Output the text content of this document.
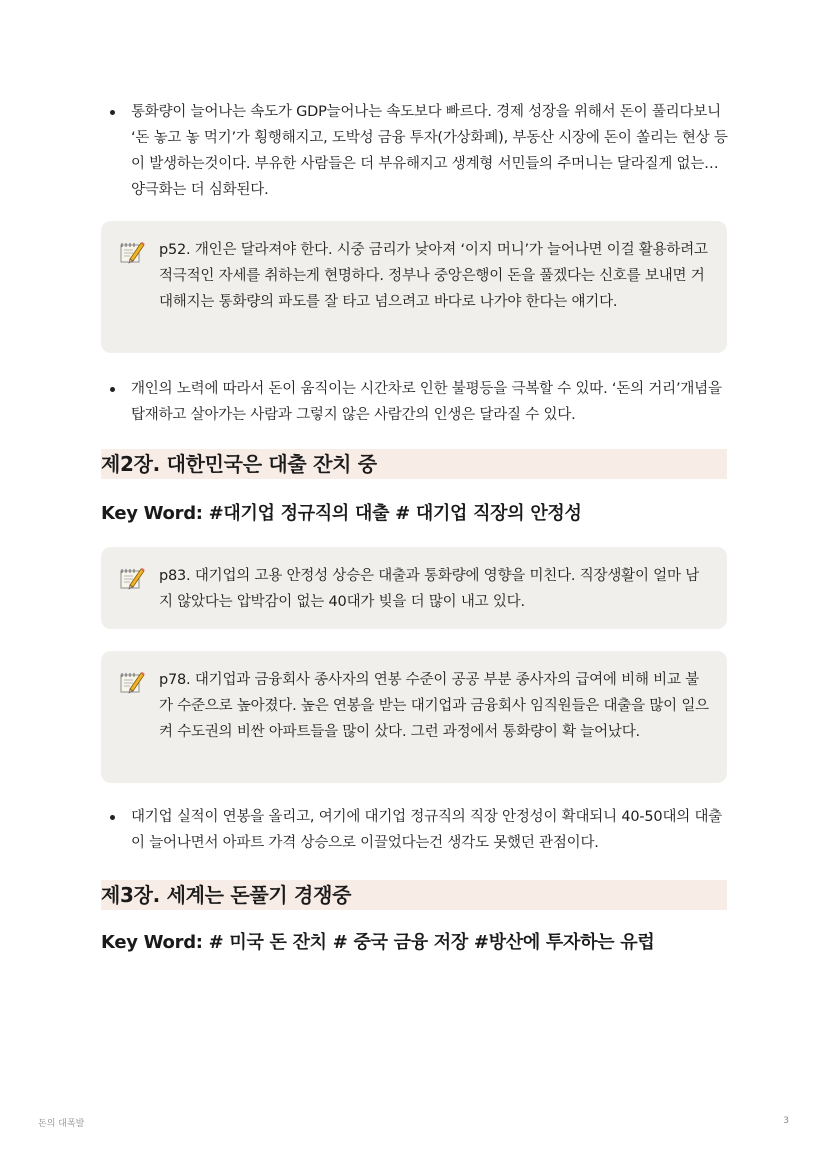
통화량이 늘어나는 속도가 GDP늘어나는 속도보다 빠르다. 경제 성장을 위해서 돈이 풀리다보니 ‘돈 놓고 놓 먹기’가 횡행해지고, 도박성 금융 투자(가상화폐), 부동산 시장에 돈이 쏠리는 현상 등이 발생하는것이다. 부유한 사람들은 더 부유해지고 생계형 서민들의 주머니는 달라질게 없는…양극화는 더 심화된다.
p52. 개인은 달라져야 한다. 시중 금리가 낮아져 ‘이지 머니’가 늘어나면 이걸 활용하려고 적극적인 자세를 취하는게 현명하다. 정부나 중앙은행이 돈을 풀겠다는 신호를 보내면 거대해지는 통화량의 파도를 잘 타고 넘으려고 바다로 나가야 한다는 얘기다.
개인의 노력에 따라서 돈이 움직이는 시간차로 인한 불평등을 극복할 수 있따. ‘돈의 거리’개념을 탑재하고 살아가는 사람과 그렇지 않은 사람간의 인생은 달라질 수 있다.
제2장. 대한민국은 대출 잔치 중
Key Word: #대기업 정규직의 대출 # 대기업 직장의 안정성
p83. 대기업의 고용 안정성 상승은 대출과 통화량에 영향을 미친다. 직장생활이 얼마 남지 않았다는 압박감이 없는 40대가 빚을 더 많이 내고 있다.
p78. 대기업과 금융회사 종사자의 연봉 수준이 공공 부분 종사자의 급여에 비해 비교 불가 수준으로 높아졌다. 높은 연봉을 받는 대기업과 금융회사 임직원들은 대출을 많이 일으켜 수도권의 비싼 아파트들을 많이 샀다. 그런 과정에서 통화량이 확 늘어났다.
대기업 실적이 연봉을 올리고, 여기에 대기업 정규직의 직장 안정성이 확대되니 40-50대의 대출이 늘어나면서 아파트 가격 상승으로 이끌었다는건 생각도 못했던 관점이다.
제3장. 세계는 돈풀기 경쟁중
Key Word: # 미국 돈 잔치 # 중국 금융 저장 #방산에 투자하는 유럽
돈의 대폭발	3
